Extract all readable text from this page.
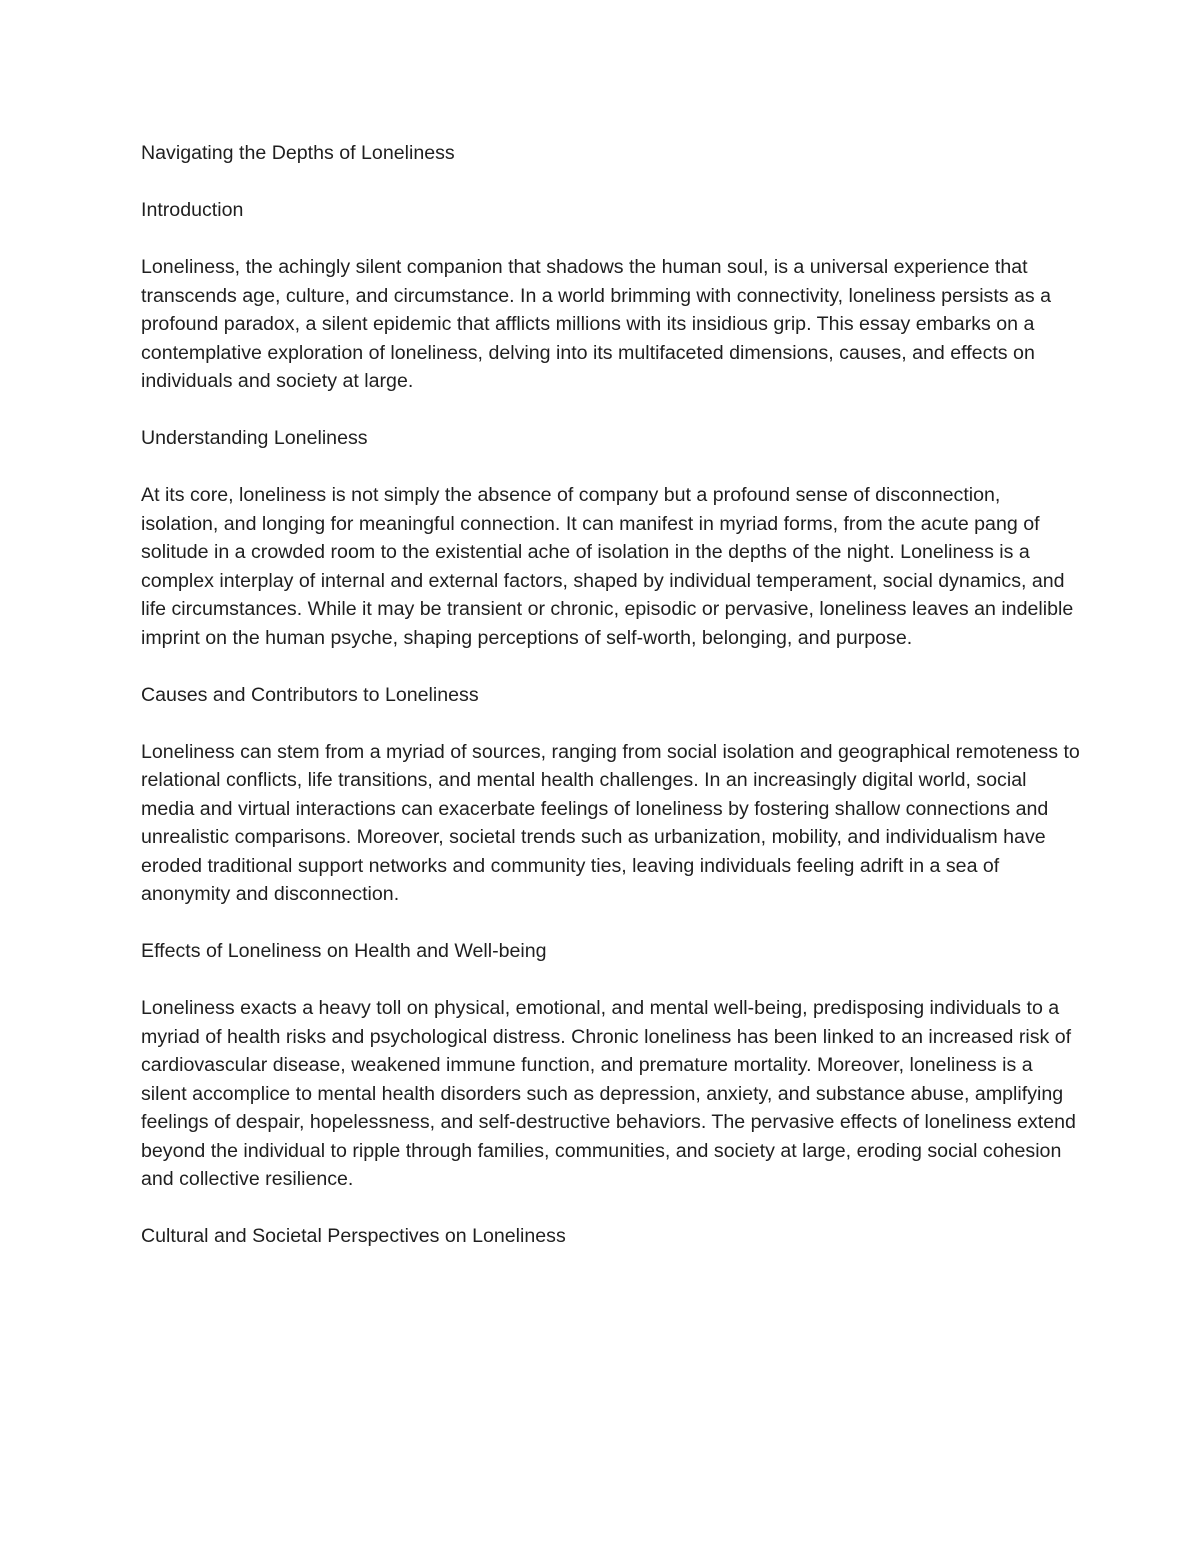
Navigating the Depths of Loneliness

Introduction

Loneliness, the achingly silent companion that shadows the human soul, is a universal experience that transcends age, culture, and circumstance. In a world brimming with connectivity, loneliness persists as a profound paradox, a silent epidemic that afflicts millions with its insidious grip. This essay embarks on a contemplative exploration of loneliness, delving into its multifaceted dimensions, causes, and effects on individuals and society at large.

Understanding Loneliness

At its core, loneliness is not simply the absence of company but a profound sense of disconnection, isolation, and longing for meaningful connection. It can manifest in myriad forms, from the acute pang of solitude in a crowded room to the existential ache of isolation in the depths of the night. Loneliness is a complex interplay of internal and external factors, shaped by individual temperament, social dynamics, and life circumstances. While it may be transient or chronic, episodic or pervasive, loneliness leaves an indelible imprint on the human psyche, shaping perceptions of self-worth, belonging, and purpose.

Causes and Contributors to Loneliness

Loneliness can stem from a myriad of sources, ranging from social isolation and geographical remoteness to relational conflicts, life transitions, and mental health challenges. In an increasingly digital world, social media and virtual interactions can exacerbate feelings of loneliness by fostering shallow connections and unrealistic comparisons. Moreover, societal trends such as urbanization, mobility, and individualism have eroded traditional support networks and community ties, leaving individuals feeling adrift in a sea of anonymity and disconnection.

Effects of Loneliness on Health and Well-being

Loneliness exacts a heavy toll on physical, emotional, and mental well-being, predisposing individuals to a myriad of health risks and psychological distress. Chronic loneliness has been linked to an increased risk of cardiovascular disease, weakened immune function, and premature mortality. Moreover, loneliness is a silent accomplice to mental health disorders such as depression, anxiety, and substance abuse, amplifying feelings of despair, hopelessness, and self-destructive behaviors. The pervasive effects of loneliness extend beyond the individual to ripple through families, communities, and society at large, eroding social cohesion and collective resilience.

Cultural and Societal Perspectives on Loneliness
